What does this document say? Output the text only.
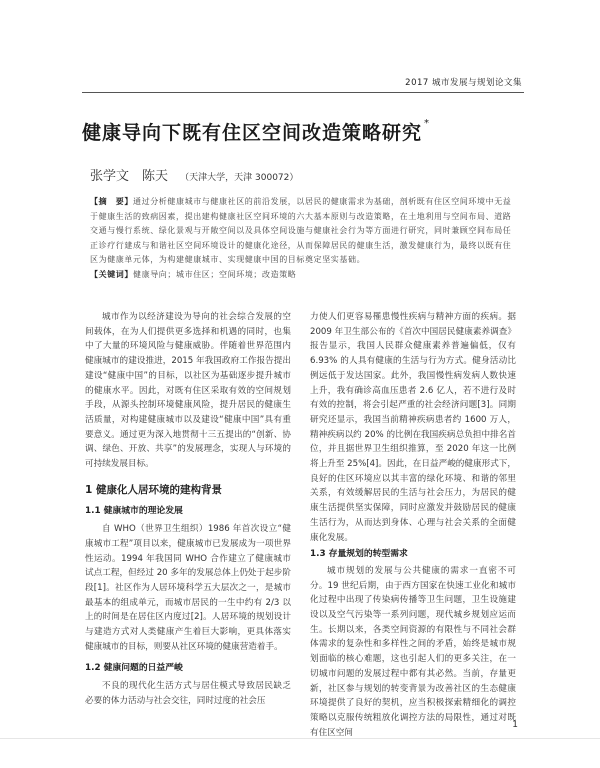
2017 城市发展与规划论文集
健康导向下既有住区空间改造策略研究 *
张学文　陈天 （天津大学，天津 300072）
【摘　要】通过分析健康城市与健康社区的前沿发展，以居民的健康需求为基础，剖析既有住区空间环境中无益于健康生活的致病因素，提出建构健康社区空间环境的六大基本原则与改造策略，在土地利用与空间布局、道路交通与慢行系统、绿化景观与开敞空间以及具体空间设施与健康社会行为等方面进行研究，同时兼顾空间布局任正诊疗行建成与和谐社区空间环境设计的健康化途径，从而保障居民的健康生活，激发健康行为，最终以既有住区为健康单元体，为构建健康城市、实现健康中国的目标奠定坚实基础。
【关键词】健康导向；城市住区；空间环境；改造策略

城市作为以经济建设为导向的社会综合发展的空间载体，在为人们提供更多选择和机遇的同时，也集中了大量的环境风险与健康威胁。伴随着世界范围内健康城市的建设推进，2015 年我国政府工作报告提出建设“健康中国”的目标，以社区为基础逐步提升城市的健康水平。因此，对既有住区采取有效的空间规划手段，从源头控制环境健康风险，提升居民的健康生活质量，对构建健康城市以及建设“健康中国”具有重要意义。通过更为深入地贯彻十三五提出的“创新、协调、绿色、开放、共享”的发展理念，实现人与环境的可持续发展目标。

1 健康化人居环境的建构背景
1.1 健康城市的理论发展

自 WHO（世界卫生组织）1986 年首次设立“健康城市工程”项目以来，健康城市已发展成为一项世界性运动。1994 年我国同 WHO 合作建立了健康城市试点工程，但经过 20 多年的发展总体上仍处于起步阶段[1]。社区作为人居环境科学五大层次之一，是城市最基本的组成单元，而城市居民的一生中约有 2/3 以上的时间是在居住区内度过[2]。人居环境的规划设计与建造方式对人类健康产生着巨大影响，更具体落实健康城市的目标，则要从社区环境的健康营造着手。

1.2 健康问题的日益严峻

不良的现代化生活方式与居住模式导致居民缺乏必要的体力活动与社会交往，同时过度的社会压

力使人们更容易罹患慢性疾病与精神方面的疾病。据 2009 年卫生部公布的《首次中国居民健康素养调查》报告显示，我国人民群众健康素养普遍偏低，仅有 6.93% 的人具有健康的生活与行为方式。健身活动比例远低于发达国家。此外，我国慢性病发病人数快速上升，我有确诊高血压患者 2.6 亿人，若不进行及时有效的控制，将会引起严重的社会经济问题[3]。同期研究还显示，我国当前精神疾病患者约 1600 万人，精神疾病以约 20% 的比例在我国疾病总负担中排名首位，并且据世界卫生组织推算，至 2020 年这一比例将上升至 25%[4]。因此，在日益严峻的健康形式下，良好的住区环境应以其丰富的绿化环境、和谐的邻里关系，有效缓解居民的生活与社会压力，为居民的健康生活提供坚实保障，同时应激发并鼓励居民的健康生活行为，从而达到身体、心理与社会关系的全面健康化发展。

1.3 存量规划的转型需求

城市规划的发展与公共健康的需求一直密不可分。19 世纪后期，由于西方国家在快速工业化和城市化过程中出现了传染病传播等卫生问题，卫生设施建设以及空气污染等一系列问题，现代城乡规划应运而生。长期以来，各类空间资源的有限性与不同社会群体需求的复杂性和多样性之间的矛盾，始终是城市规划面临的核心难题，这也引起人们的更多关注，在一切城市问题的发展过程中都有其必然。当前，存量更新，社区参与规划的转变背景为改善社区的生态健康环境提供了良好的契机，应当积极探索精细化的调控策略以克服传统粗放化调控方法的局限性，通过对既有住区空间

1
